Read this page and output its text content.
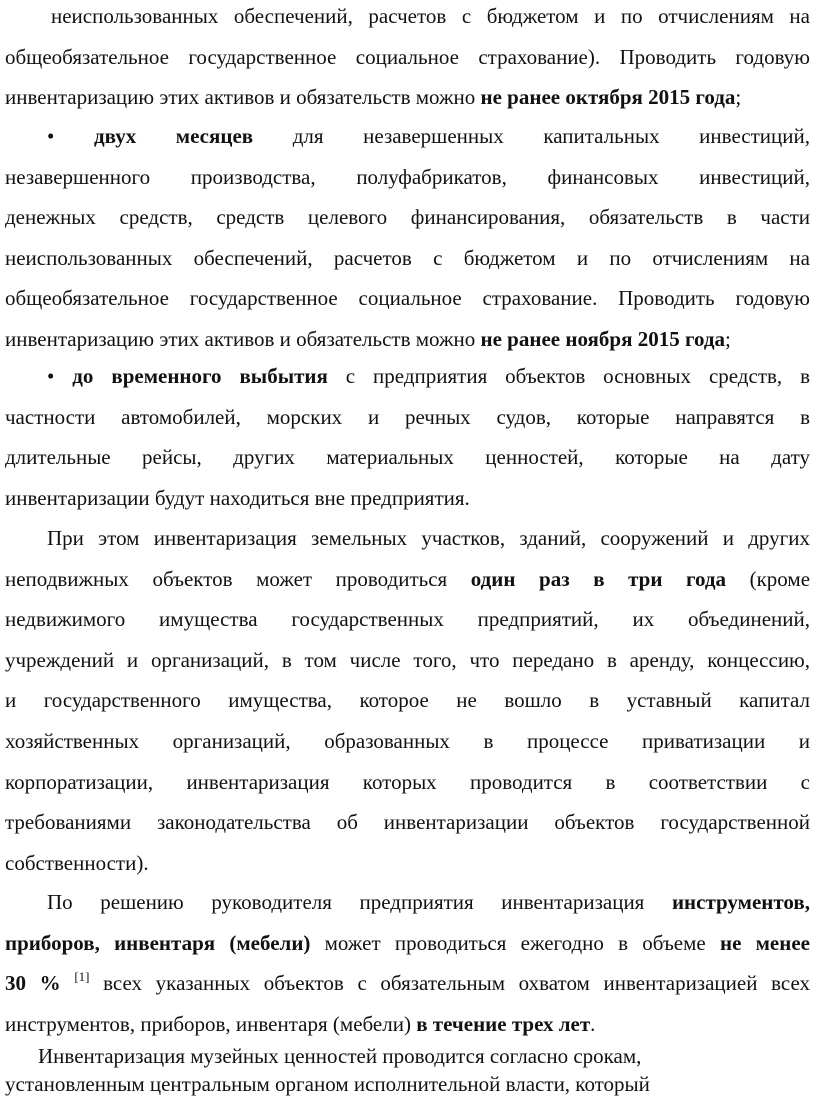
неиспользованных обеспечений, расчетов с бюджетом и по отчислениям на
общеобязательное государственное социальное страхование). Проводить годовую
инвентаризацию этих активов и обязательств можно не ранее октября 2015 года;
• двух месяцев для незавершенных капитальных инвестиций,
незавершенного производства, полуфабрикатов, финансовых инвестиций,
денежных средств, средств целевого финансирования, обязательств в части
неиспользованных обеспечений, расчетов с бюджетом и по отчислениям на
общеобязательное государственное социальное страхование. Проводить годовую
инвентаризацию этих активов и обязательств можно не ранее ноября 2015 года;
• до временного выбытия с предприятия объектов основных средств, в
частности автомобилей, морских и речных судов, которые направятся в
длительные рейсы, других материальных ценностей, которые на дату
инвентаризации будут находиться вне предприятия.
При этом инвентаризация земельных участков, зданий, сооружений и других
неподвижных объектов может проводиться один раз в три года (кроме
недвижимого имущества государственных предприятий, их объединений,
учреждений и организаций, в том числе того, что передано в аренду, концессию,
и государственного имущества, которое не вошло в уставный капитал
хозяйственных организаций, образованных в процессе приватизации и
корпоратизации, инвентаризация которых проводится в соответствии с
требованиями законодательства об инвентаризации объектов государственной
собственности).
По решению руководителя предприятия инвентаризация инструментов,
приборов, инвентаря (мебели) может проводиться ежегодно в объеме не менее
30 % [1] всех указанных объектов с обязательным охватом инвентаризацией всех
инструментов, приборов, инвентаря (мебели) в течение трех лет.
Инвентаризация музейных ценностей проводится согласно срокам,
установленным центральным органом исполнительной власти, который
